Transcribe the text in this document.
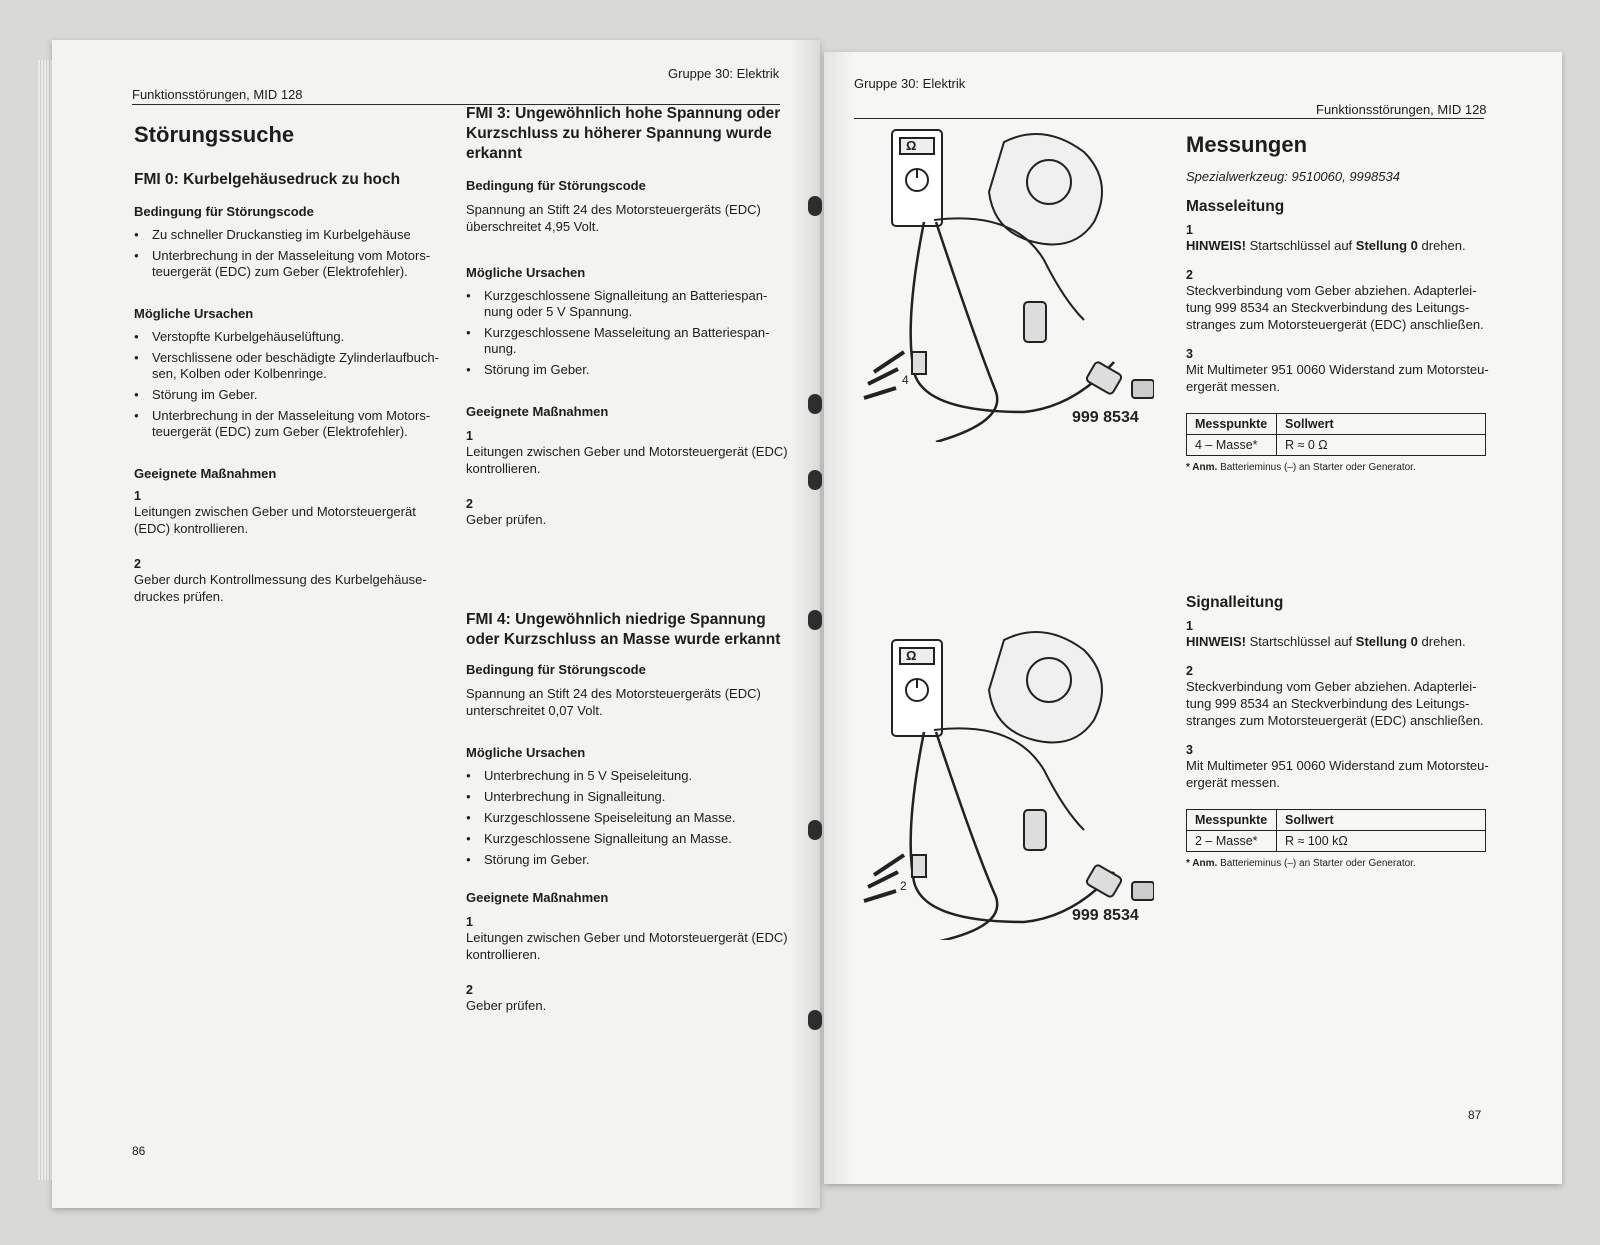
Funktionsstörungen, MID 128
Gruppe 30: Elektrik
Störungssuche
FMI 0: Kurbelgehäusedruck zu hoch
Bedingung für Störungscode
● Zu schneller Druckanstieg im Kurbelgehäuse
● Unterbrechung in der Masseleitung vom Motorsteuergerät (EDC) zum Geber (Elektrofehler).
Mögliche Ursachen
● Verstopfte Kurbelgehäuselüftung.
● Verschlissene oder beschädigte Zylinderlaufbuchsen, Kolben oder Kolbenringe.
● Störung im Geber.
● Unterbrechung in der Masseleitung vom Motorsteuergerät (EDC) zum Geber (Elektrofehler).
Geeignete Maßnahmen
1
Leitungen zwischen Geber und Motorsteuergerät (EDC) kontrollieren.
2
Geber durch Kontrollmessung des Kurbelgehäusedruckes prüfen.
FMI 3: Ungewöhnlich hohe Spannung oder Kurzschluss zu höherer Spannung wurde erkannt
Bedingung für Störungscode
Spannung an Stift 24 des Motorsteuergeräts (EDC) überschreitet 4,95 Volt.
Mögliche Ursachen
● Kurzgeschlossene Signalleitung an Batteriespannung oder 5 V Spannung.
● Kurzgeschlossene Masseleitung an Batteriespannung.
● Störung im Geber.
Geeignete Maßnahmen
1
Leitungen zwischen Geber und Motorsteuergerät (EDC) kontrollieren.
2
Geber prüfen.
FMI 4: Ungewöhnlich niedrige Spannung oder Kurzschluss an Masse wurde erkannt
Bedingung für Störungscode
Spannung an Stift 24 des Motorsteuergeräts (EDC) unterschreitet 0,07 Volt.
Mögliche Ursachen
● Unterbrechung in 5 V Speiseleitung.
● Unterbrechung in Signalleitung.
● Kurzgeschlossene Speiseleitung an Masse.
● Kurzgeschlossene Signalleitung an Masse.
● Störung im Geber.
Geeignete Maßnahmen
1
Leitungen zwischen Geber und Motorsteuergerät (EDC) kontrollieren.
2
Geber prüfen.
86
Gruppe 30: Elektrik
Funktionsstörungen, MID 128
Ω
4
999 8534
Ω
2
999 8534
Messungen
Spezialwerkzeug: 9510060, 9998534
Masseleitung
1
HINWEIS! Startschlüssel auf Stellung 0 drehen.
2
Steckverbindung vom Geber abziehen. Adapterleitung 999 8534 an Steckverbindung des Leitungsstranges zum Motorsteuergerät (EDC) anschließen.
3
Mit Multimeter 951 0060 Widerstand zum Motorsteuergerät messen.
Messpunkte	Sollwert
4 – Masse*	R ≈ 0 Ω
* Anm. Batterieminus (–) an Starter oder Generator.
Signalleitung
1
HINWEIS! Startschlüssel auf Stellung 0 drehen.
2
Steckverbindung vom Geber abziehen. Adapterleitung 999 8534 an Steckverbindung des Leitungsstranges zum Motorsteuergerät (EDC) anschließen.
3
Mit Multimeter 951 0060 Widerstand zum Motorsteuergerät messen.
Messpunkte	Sollwert
2 – Masse*	R ≈ 100 kΩ
* Anm. Batterieminus (–) an Starter oder Generator.
87
